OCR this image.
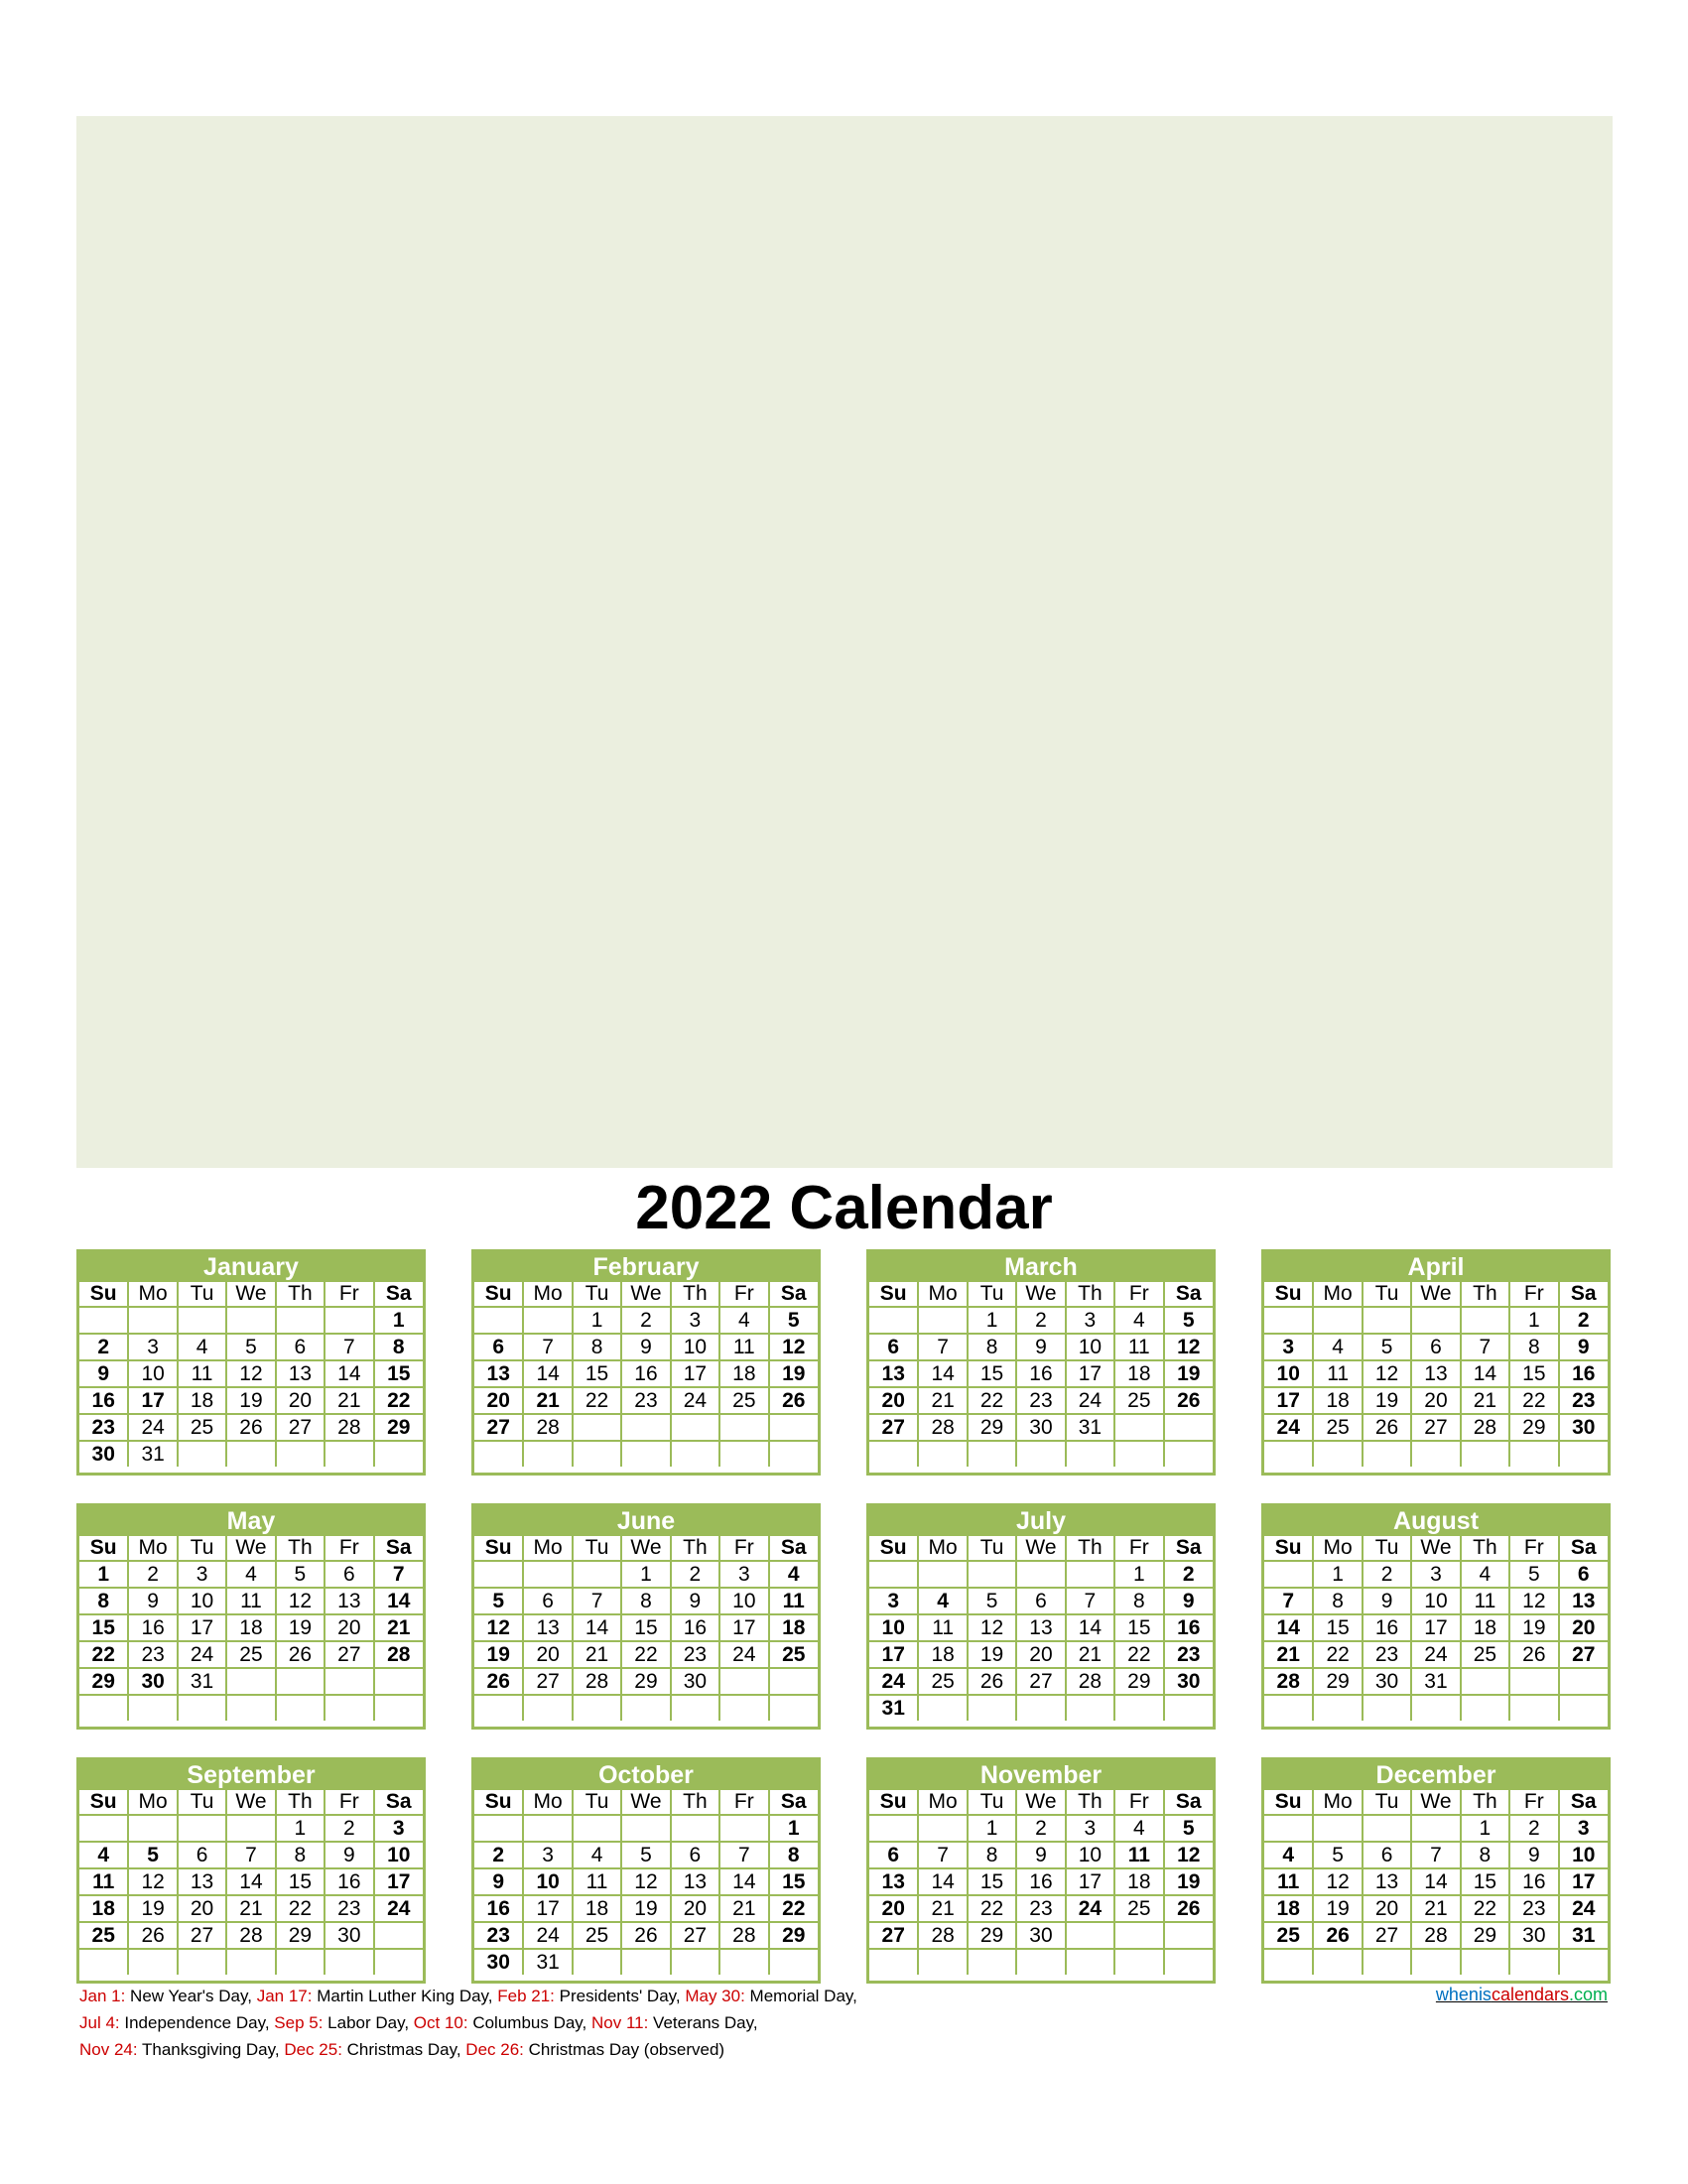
2022 Calendar
January
Su	Mo	Tu	We	Th	Fr	Sa
						1
2	3	4	5	6	7	8
9	10	11	12	13	14	15
16	17	18	19	20	21	22
23	24	25	26	27	28	29
30	31					
February
Su	Mo	Tu	We	Th	Fr	Sa
		1	2	3	4	5
6	7	8	9	10	11	12
13	14	15	16	17	18	19
20	21	22	23	24	25	26
27	28					

March
Su	Mo	Tu	We	Th	Fr	Sa
		1	2	3	4	5
6	7	8	9	10	11	12
13	14	15	16	17	18	19
20	21	22	23	24	25	26
27	28	29	30	31		

April
Su	Mo	Tu	We	Th	Fr	Sa
					1	2
3	4	5	6	7	8	9
10	11	12	13	14	15	16
17	18	19	20	21	22	23
24	25	26	27	28	29	30

May
Su	Mo	Tu	We	Th	Fr	Sa
1	2	3	4	5	6	7
8	9	10	11	12	13	14
15	16	17	18	19	20	21
22	23	24	25	26	27	28
29	30	31				

June
Su	Mo	Tu	We	Th	Fr	Sa
			1	2	3	4
5	6	7	8	9	10	11
12	13	14	15	16	17	18
19	20	21	22	23	24	25
26	27	28	29	30		

July
Su	Mo	Tu	We	Th	Fr	Sa
					1	2
3	4	5	6	7	8	9
10	11	12	13	14	15	16
17	18	19	20	21	22	23
24	25	26	27	28	29	30
31						
August
Su	Mo	Tu	We	Th	Fr	Sa
	1	2	3	4	5	6
7	8	9	10	11	12	13
14	15	16	17	18	19	20
21	22	23	24	25	26	27
28	29	30	31			

September
Su	Mo	Tu	We	Th	Fr	Sa
				1	2	3
4	5	6	7	8	9	10
11	12	13	14	15	16	17
18	19	20	21	22	23	24
25	26	27	28	29	30	

October
Su	Mo	Tu	We	Th	Fr	Sa
						1
2	3	4	5	6	7	8
9	10	11	12	13	14	15
16	17	18	19	20	21	22
23	24	25	26	27	28	29
30	31					
November
Su	Mo	Tu	We	Th	Fr	Sa
		1	2	3	4	5
6	7	8	9	10	11	12
13	14	15	16	17	18	19
20	21	22	23	24	25	26
27	28	29	30			

December
Su	Mo	Tu	We	Th	Fr	Sa
				1	2	3
4	5	6	7	8	9	10
11	12	13	14	15	16	17
18	19	20	21	22	23	24
25	26	27	28	29	30	31

Jan 1: New Year's Day, Jan 17: Martin Luther King Day, Feb 21: Presidents' Day, May 30: Memorial Day,
Jul 4: Independence Day, Sep 5: Labor Day, Oct 10: Columbus Day, Nov 11: Veterans Day,
Nov 24: Thanksgiving Day, Dec 25: Christmas Day, Dec 26: Christmas Day (observed)
wheniscalendars.com
